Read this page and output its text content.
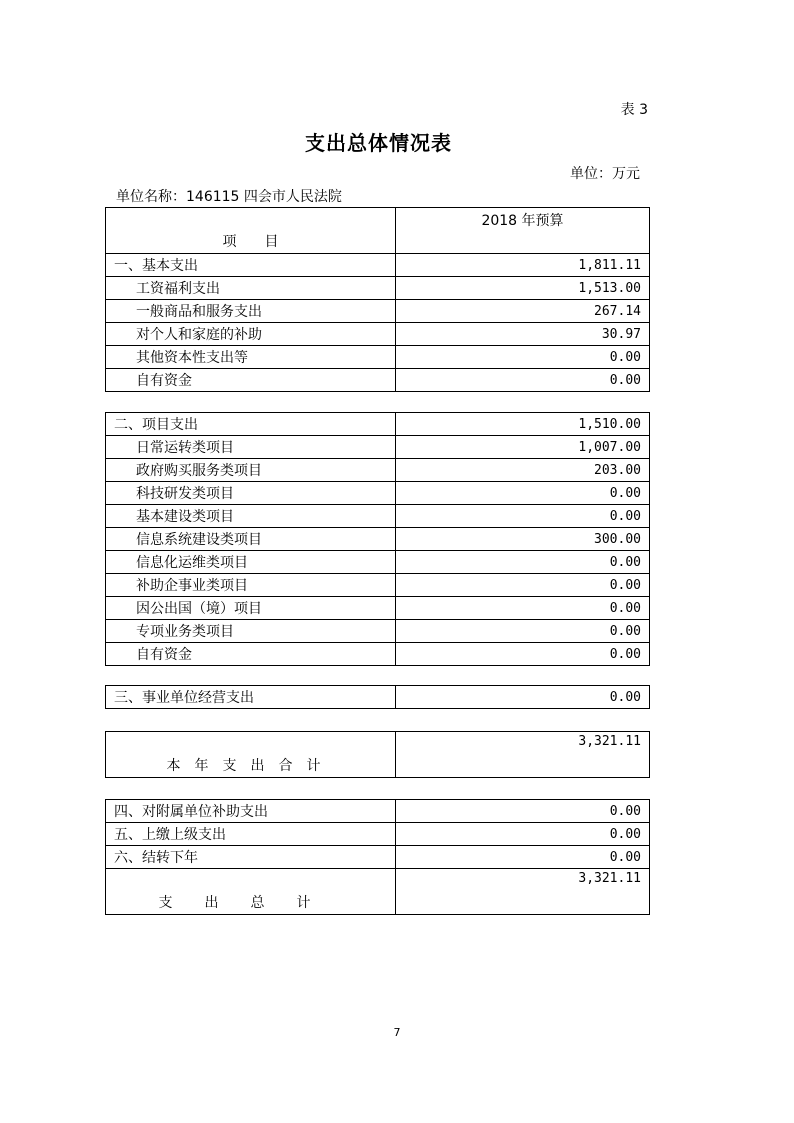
表 3
支出总体情况表
单位：万元
单位名称：146115 四会市人民法院
项　　目	2018 年预算
一、基本支出	1,811.11
工资福利支出	1,513.00
一般商品和服务支出	267.14
对个人和家庭的补助	30.97
其他资本性支出等	0.00
自有资金	0.00
二、项目支出	1,510.00
日常运转类项目	1,007.00
政府购买服务类项目	203.00
科技研发类项目	0.00
基本建设类项目	0.00
信息系统建设类项目	300.00
信息化运维类项目	0.00
补助企事业类项目	0.00
因公出国（境）项目	0.00
专项业务类项目	0.00
自有资金	0.00
三、事业单位经营支出	0.00
本年支出合计	3,321.11
四、对附属单位补助支出	0.00
五、上缴上级支出	0.00
六、结转下年	0.00
支出总计	3,321.11
7
